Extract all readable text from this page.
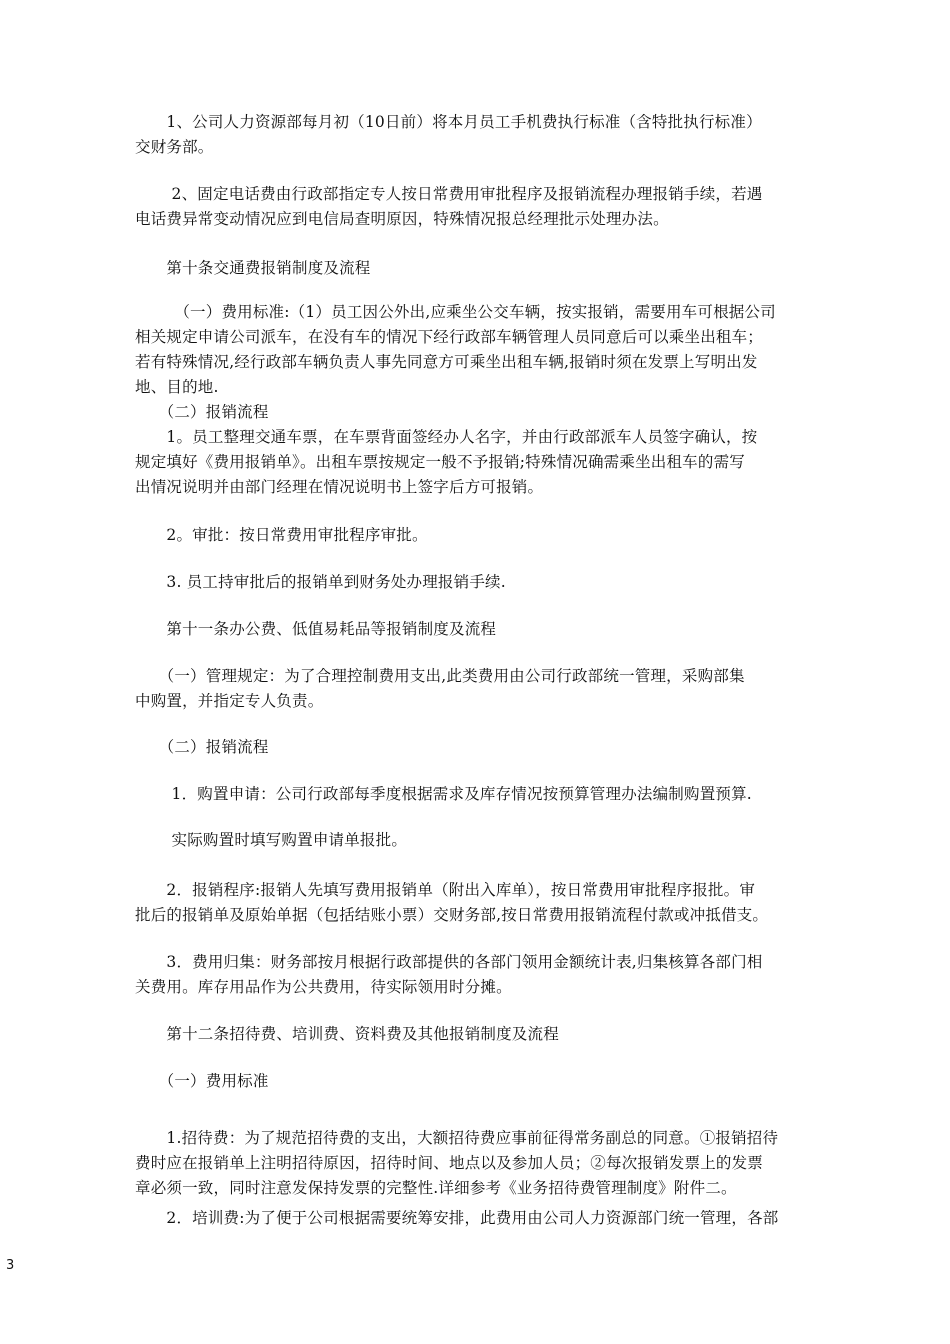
　　1、公司人力资源部每月初（10日前）将本月员工手机费执行标准（含特批执行标准）
交财务部。

　　 2、固定电话费由行政部指定专人按日常费用审批程序及报销流程办理报销手续，若遇
电话费异常变动情况应到电信局查明原因，特殊情况报总经理批示处理办法。

　　第十条交通费报销制度及流程

　　　（一）费用标准:（1）员工因公外出,应乘坐公交车辆，按实报销，需要用车可根据公司
相关规定申请公司派车，在没有车的情况下经行政部车辆管理人员同意后可以乘坐出租车；
若有特殊情况,经行政部车辆负责人事先同意方可乘坐出租车辆,报销时须在发票上写明出发
地、目的地.

　　（二）报销流程

　　1。员工整理交通车票，在车票背面签经办人名字，并由行政部派车人员签字确认，按
规定填好《费用报销单》。出租车票按规定一般不予报销;特殊情况确需乘坐出租车的需写
出情况说明并由部门经理在情况说明书上签字后方可报销。

　　2。审批：按日常费用审批程序审批。

　　3. 员工持审批后的报销单到财务处办理报销手续.

　　第十一条办公费、低值易耗品等报销制度及流程

　　（一）管理规定：为了合理控制费用支出,此类费用由公司行政部统一管理，采购部集
中购置，并指定专人负责。

　　（二）报销流程

　　 1．购置申请：公司行政部每季度根据需求及库存情况按预算管理办法编制购置预算.

　　 实际购置时填写购置申请单报批。

　　2．报销程序:报销人先填写费用报销单（附出入库单），按日常费用审批程序报批。审
批后的报销单及原始单据（包括结账小票）交财务部,按日常费用报销流程付款或冲抵借支。

　　3．费用归集：财务部按月根据行政部提供的各部门领用金额统计表,归集核算各部门相
关费用。库存用品作为公共费用，待实际领用时分摊。

　　第十二条招待费、培训费、资料费及其他报销制度及流程

　　（一）费用标准

　　1.招待费：为了规范招待费的支出，大额招待费应事前征得常务副总的同意。①报销招待
费时应在报销单上注明招待原因，招待时间、地点以及参加人员；②每次报销发票上的发票
章必须一致，同时注意发保持发票的完整性.详细参考《业务招待费管理制度》附件二。

　　2．培训费:为了便于公司根据需要统筹安排，此费用由公司人力资源部门统一管理，各部

3
